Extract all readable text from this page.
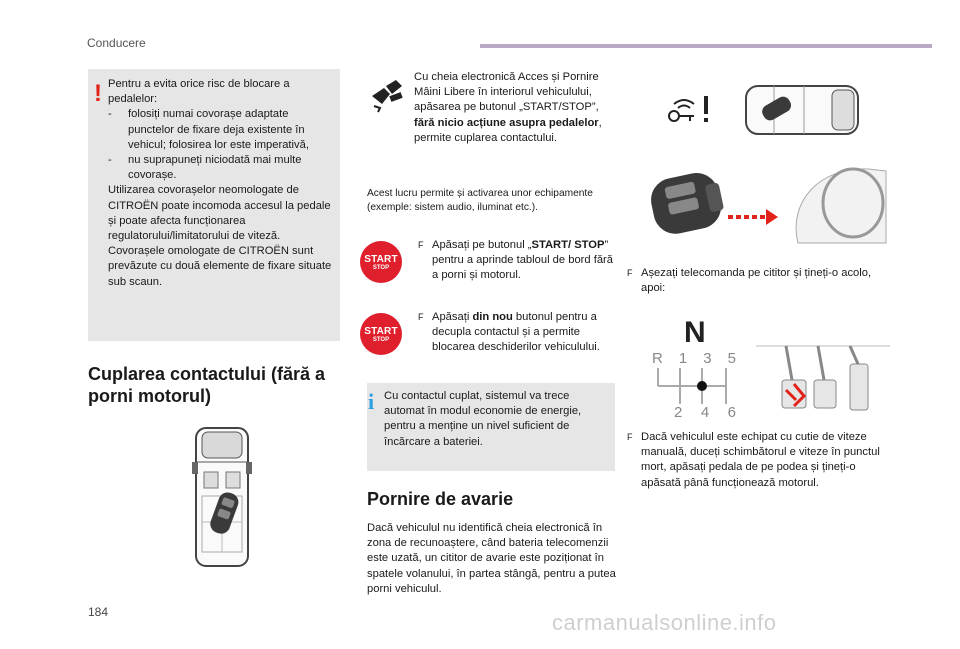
Conducere
! Pentru a evita orice risc de blocare a
pedalelor:
-	folosiți numai covorașe adaptate punctelor de fixare deja existente în vehicul; folosirea lor este imperativă,
-	nu suprapuneți niciodată mai multe covorașe.
Utilizarea covorașelor neomologate de CITROËN poate incomoda accesul la pedale și poate afecta funcționarea regulatorului/limitatorului de viteză. Covorașele omologate de CITROËN sunt prevăzute cu două elemente de fixare situate sub scaun.
Cuplarea contactului (fără a porni motorul)
Cu cheia electronică Acces și Pornire Mâini Libere în interiorul vehiculului, apăsarea pe butonul „START/STOP”, fără nicio acțiune asupra pedalelor, permite cuplarea contactului.
Acest lucru permite și activarea unor echipamente (exemple: sistem audio, iluminat etc.).
START
STOP
F Apăsați pe butonul „START/ STOP” pentru a aprinde tabloul de bord fără a porni și motorul.
START
STOP
F Apăsați din nou butonul pentru a decupla contactul și a permite blocarea deschiderilor vehiculului.
i Cu contactul cuplat, sistemul va trece automat în modul economie de energie, pentru a menține un nivel suficient de încărcare a bateriei.
Pornire de avarie
Dacă vehiculul nu identifică cheia electronică în zona de recunoaștere, când bateria telecomenzii este uzată, un cititor de avarie este poziționat în spatele volanului, în partea stângă, pentru a putea porni vehiculul.
F Așezați telecomanda pe cititor și țineți-o acolo, apoi:
N
R 1 3 5
2 4 6
F Dacă vehiculul este echipat cu cutie de viteze manuală, duceți schimbătorul e viteze în punctul mort, apăsați pedala de pe podea și țineți-o apăsată până funcționează motorul.
184	carmanualsonline.info
